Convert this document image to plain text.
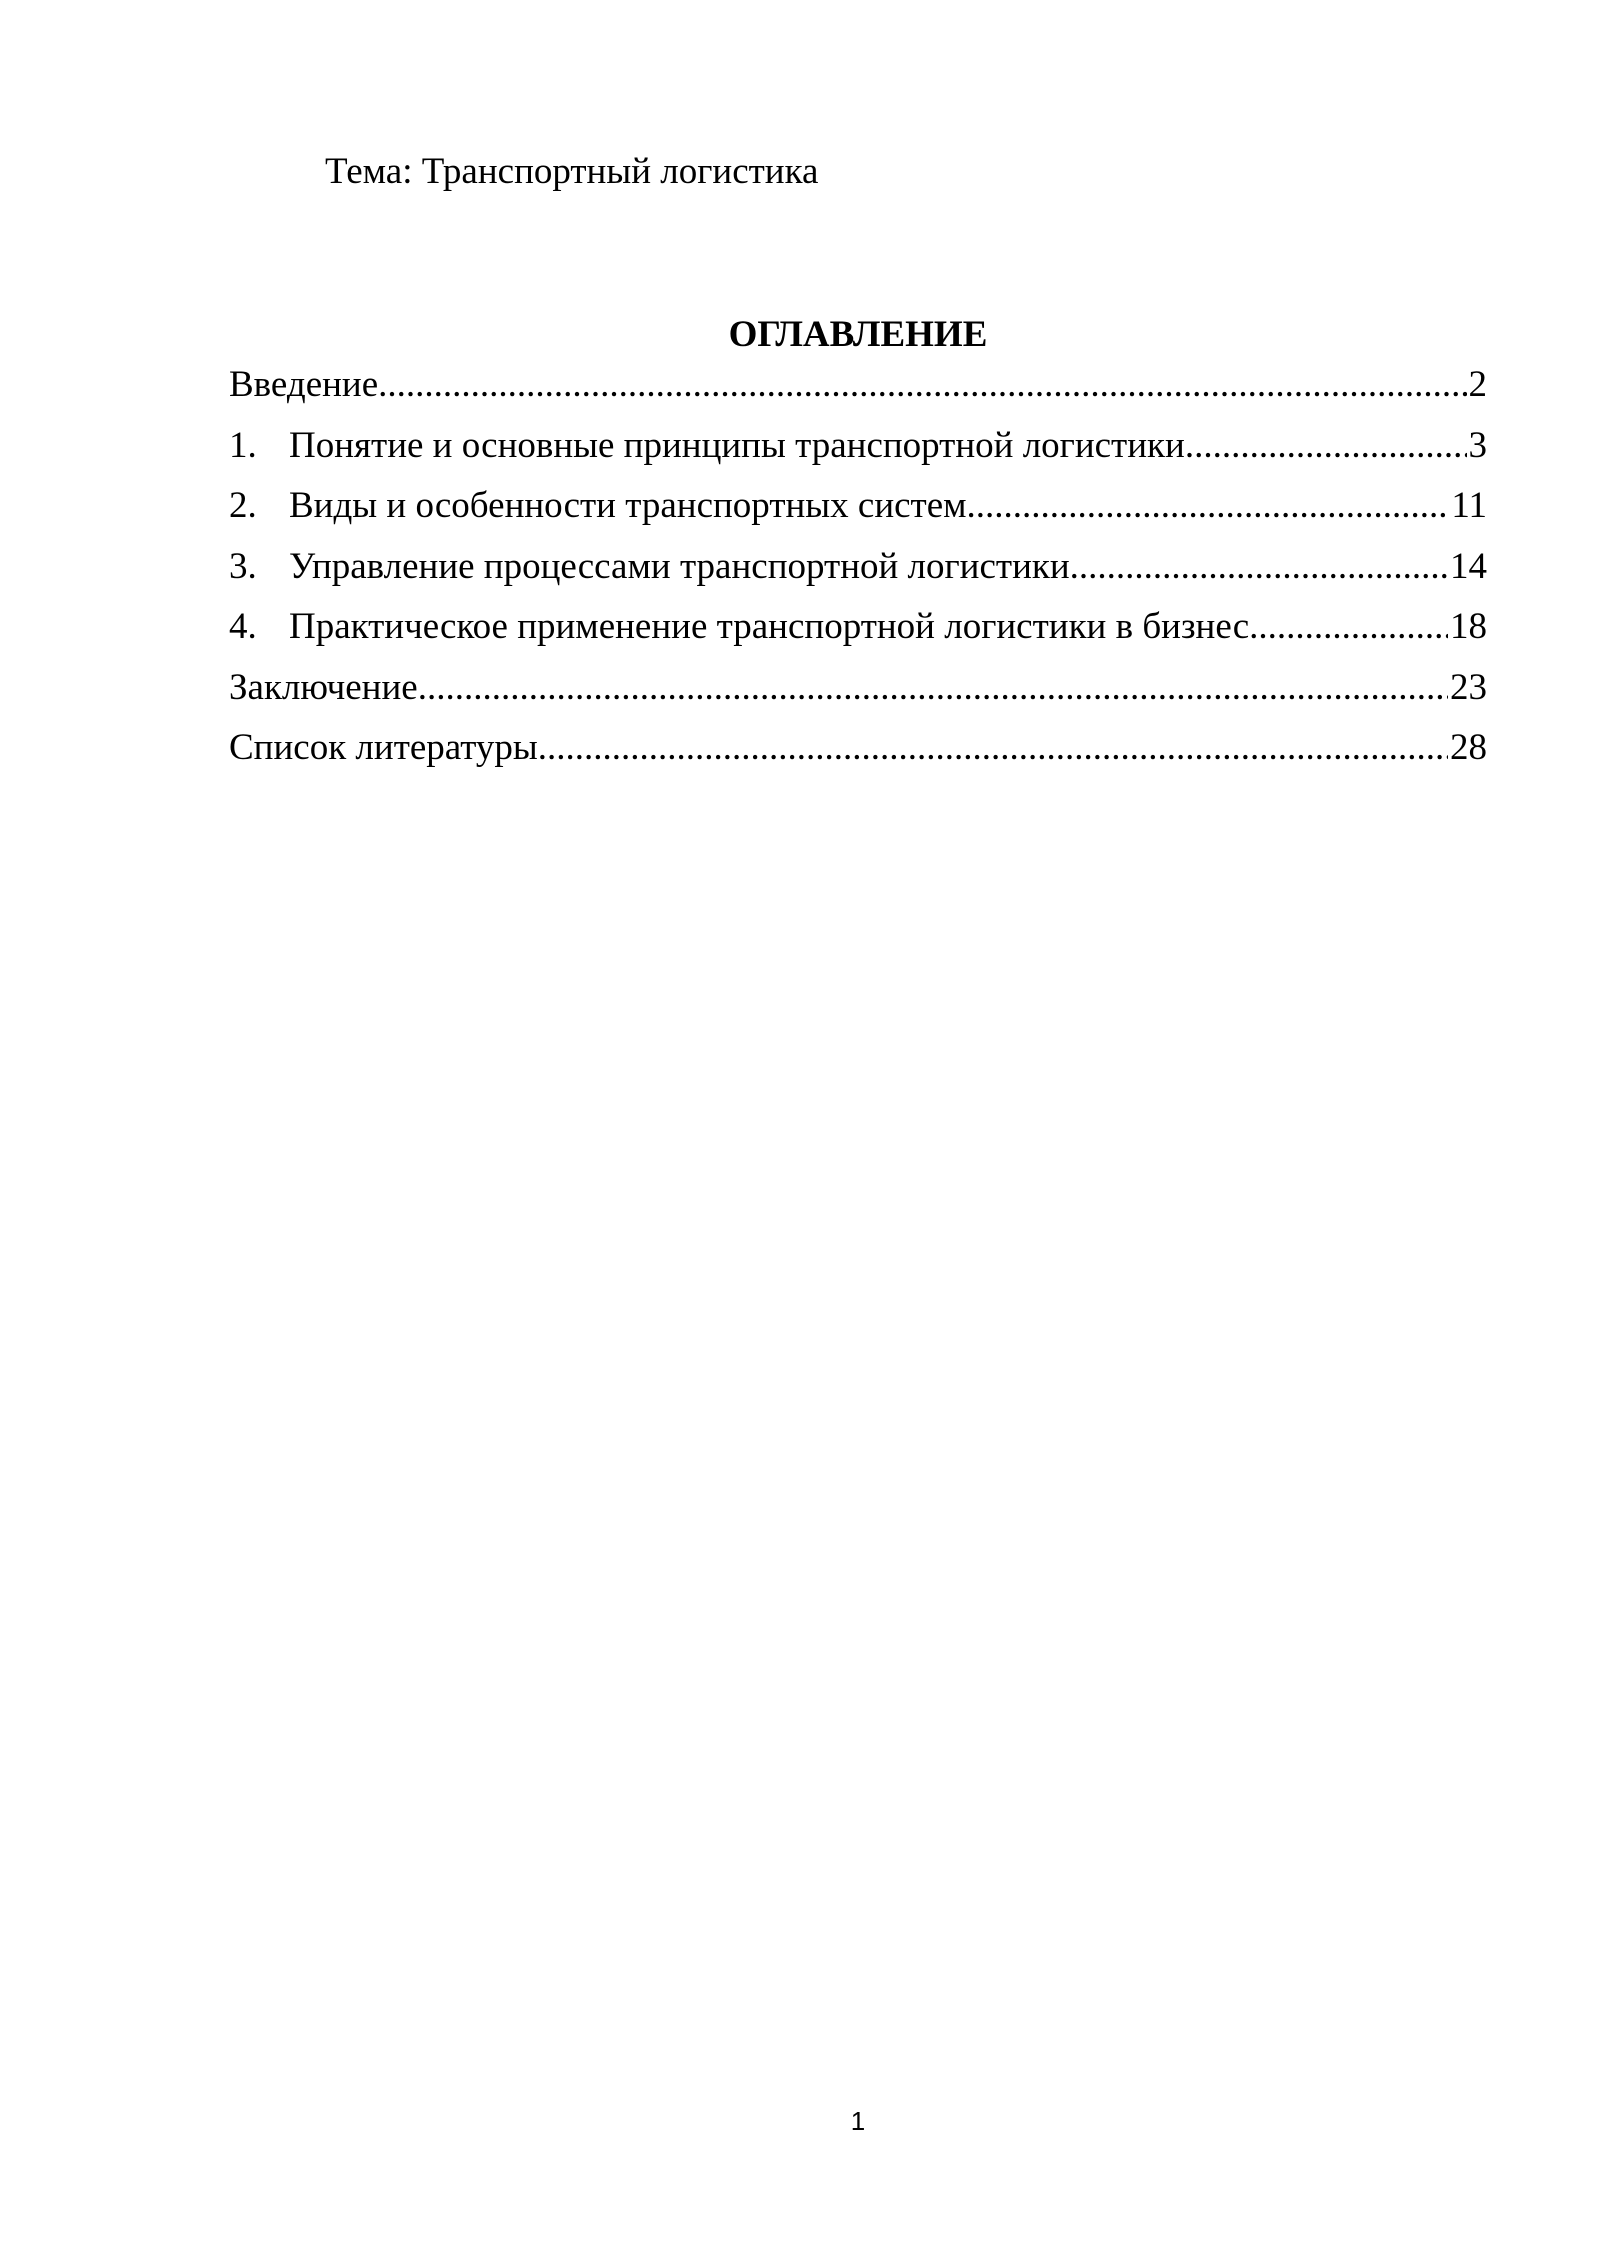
Тема: Транспортный логистика
ОГЛАВЛЕНИЕ
Введение .....	2
1. Понятие и основные принципы транспортной логистики .....	3
2. Виды и особенности транспортных систем .....	11
3. Управление процессами транспортной логистики .....	14
4. Практическое применение транспортной логистики в бизнес .....	18
Заключение .....	23
Список литературы .....	28
1
